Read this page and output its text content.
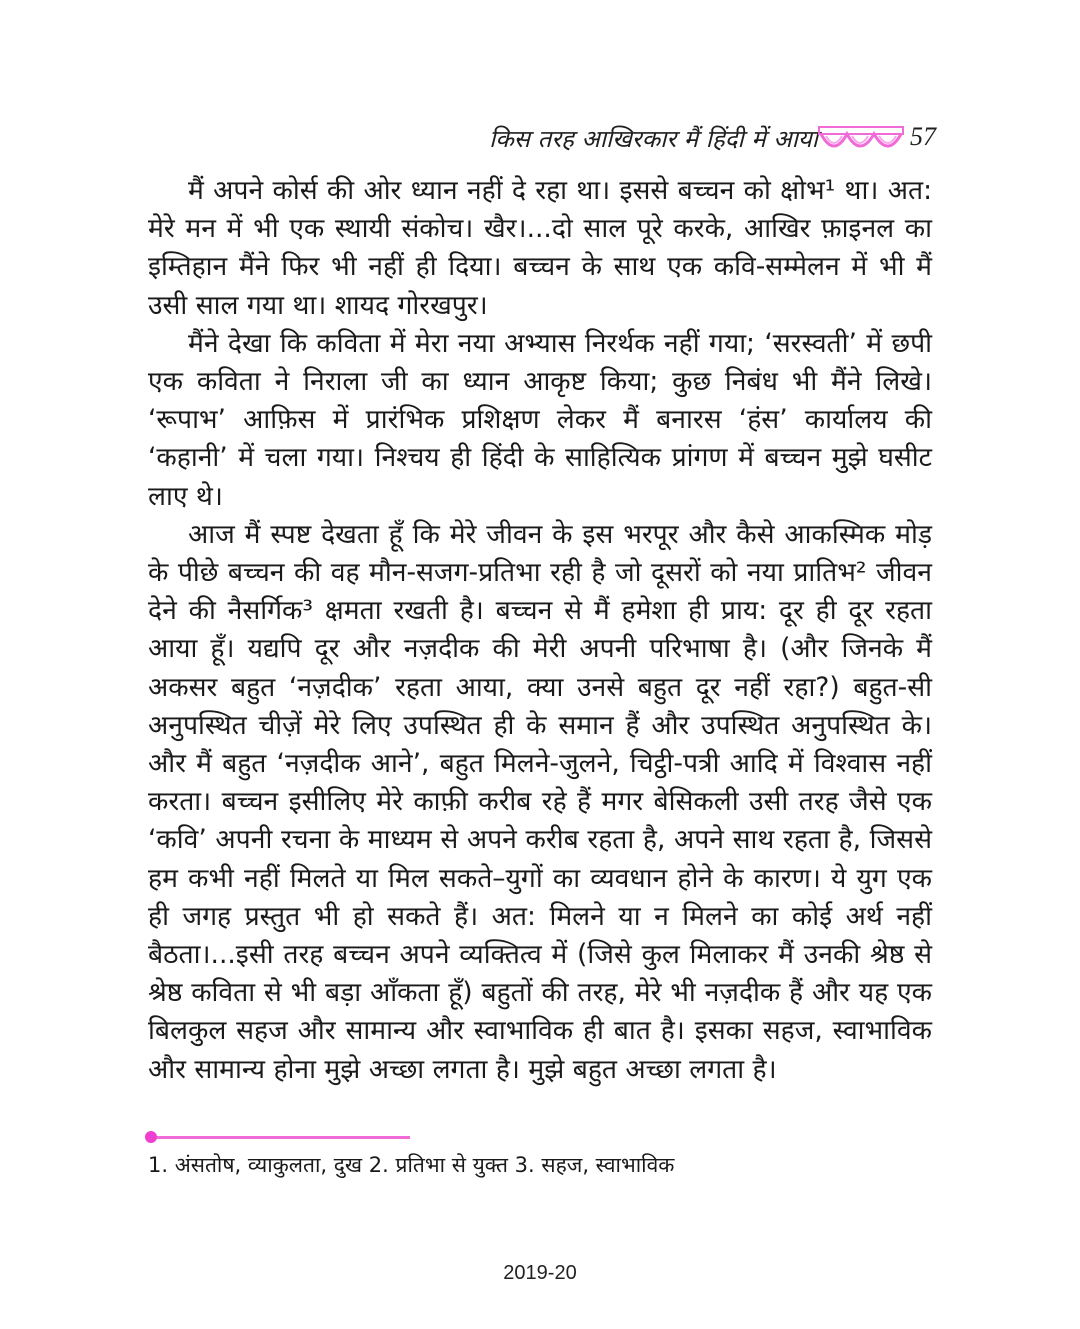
किस तरह आखिरकार मैं हिंदी में आया	57

मैं अपने कोर्स की ओर ध्यान नहीं दे रहा था। इससे बच्चन को क्षोभ¹ था। अत: मेरे मन में भी एक स्थायी संकोच। खैर।...दो साल पूरे करके, आखिर फ़ाइनल का इम्तिहान मैंने फिर भी नहीं ही दिया। बच्चन के साथ एक कवि-सम्मेलन में भी मैं उसी साल गया था। शायद गोरखपुर।

मैंने देखा कि कविता में मेरा नया अभ्यास निरर्थक नहीं गया; ‘सरस्वती’ में छपी एक कविता ने निराला जी का ध्यान आकृष्ट किया; कुछ निबंध भी मैंने लिखे। ‘रूपाभ’ आफ़िस में प्रारंभिक प्रशिक्षण लेकर मैं बनारस ‘हंस’ कार्यालय की ‘कहानी’ में चला गया। निश्चय ही हिंदी के साहित्यिक प्रांगण में बच्चन मुझे घसीट लाए थे।

आज मैं स्पष्ट देखता हूँ कि मेरे जीवन के इस भरपूर और कैसे आकस्मिक मोड़ के पीछे बच्चन की वह मौन-सजग-प्रतिभा रही है जो दूसरों को नया प्रातिभ² जीवन देने की नैसर्गिक³ क्षमता रखती है। बच्चन से मैं हमेशा ही प्राय: दूर ही दूर रहता आया हूँ। यद्यपि दूर और नज़दीक की मेरी अपनी परिभाषा है। (और जिनके मैं अकसर बहुत ‘नज़दीक’ रहता आया, क्या उनसे बहुत दूर नहीं रहा?) बहुत-सी अनुपस्थित चीज़ें मेरे लिए उपस्थित ही के समान हैं और उपस्थित अनुपस्थित के। और मैं बहुत ‘नज़दीक आने’, बहुत मिलने-जुलने, चिट्ठी-पत्री आदि में विश्वास नहीं करता। बच्चन इसीलिए मेरे काफ़ी करीब रहे हैं मगर बेसिकली उसी तरह जैसे एक ‘कवि’ अपनी रचना के माध्यम से अपने करीब रहता है, अपने साथ रहता है, जिससे हम कभी नहीं मिलते या मिल सकते–युगों का व्यवधान होने के कारण। ये युग एक ही जगह प्रस्तुत भी हो सकते हैं। अत: मिलने या न मिलने का कोई अर्थ नहीं बैठता।...इसी तरह बच्चन अपने व्यक्तित्व में (जिसे कुल मिलाकर मैं उनकी श्रेष्ठ से श्रेष्ठ कविता से भी बड़ा आँकता हूँ) बहुतों की तरह, मेरे भी नज़दीक हैं और यह एक बिलकुल सहज और सामान्य और स्वाभाविक ही बात है। इसका सहज, स्वाभाविक और सामान्य होना मुझे अच्छा लगता है। मुझे बहुत अच्छा लगता है।

1. अंसतोष, व्याकुलता, दुख 2. प्रतिभा से युक्त 3. सहज, स्वाभाविक
2019-20
